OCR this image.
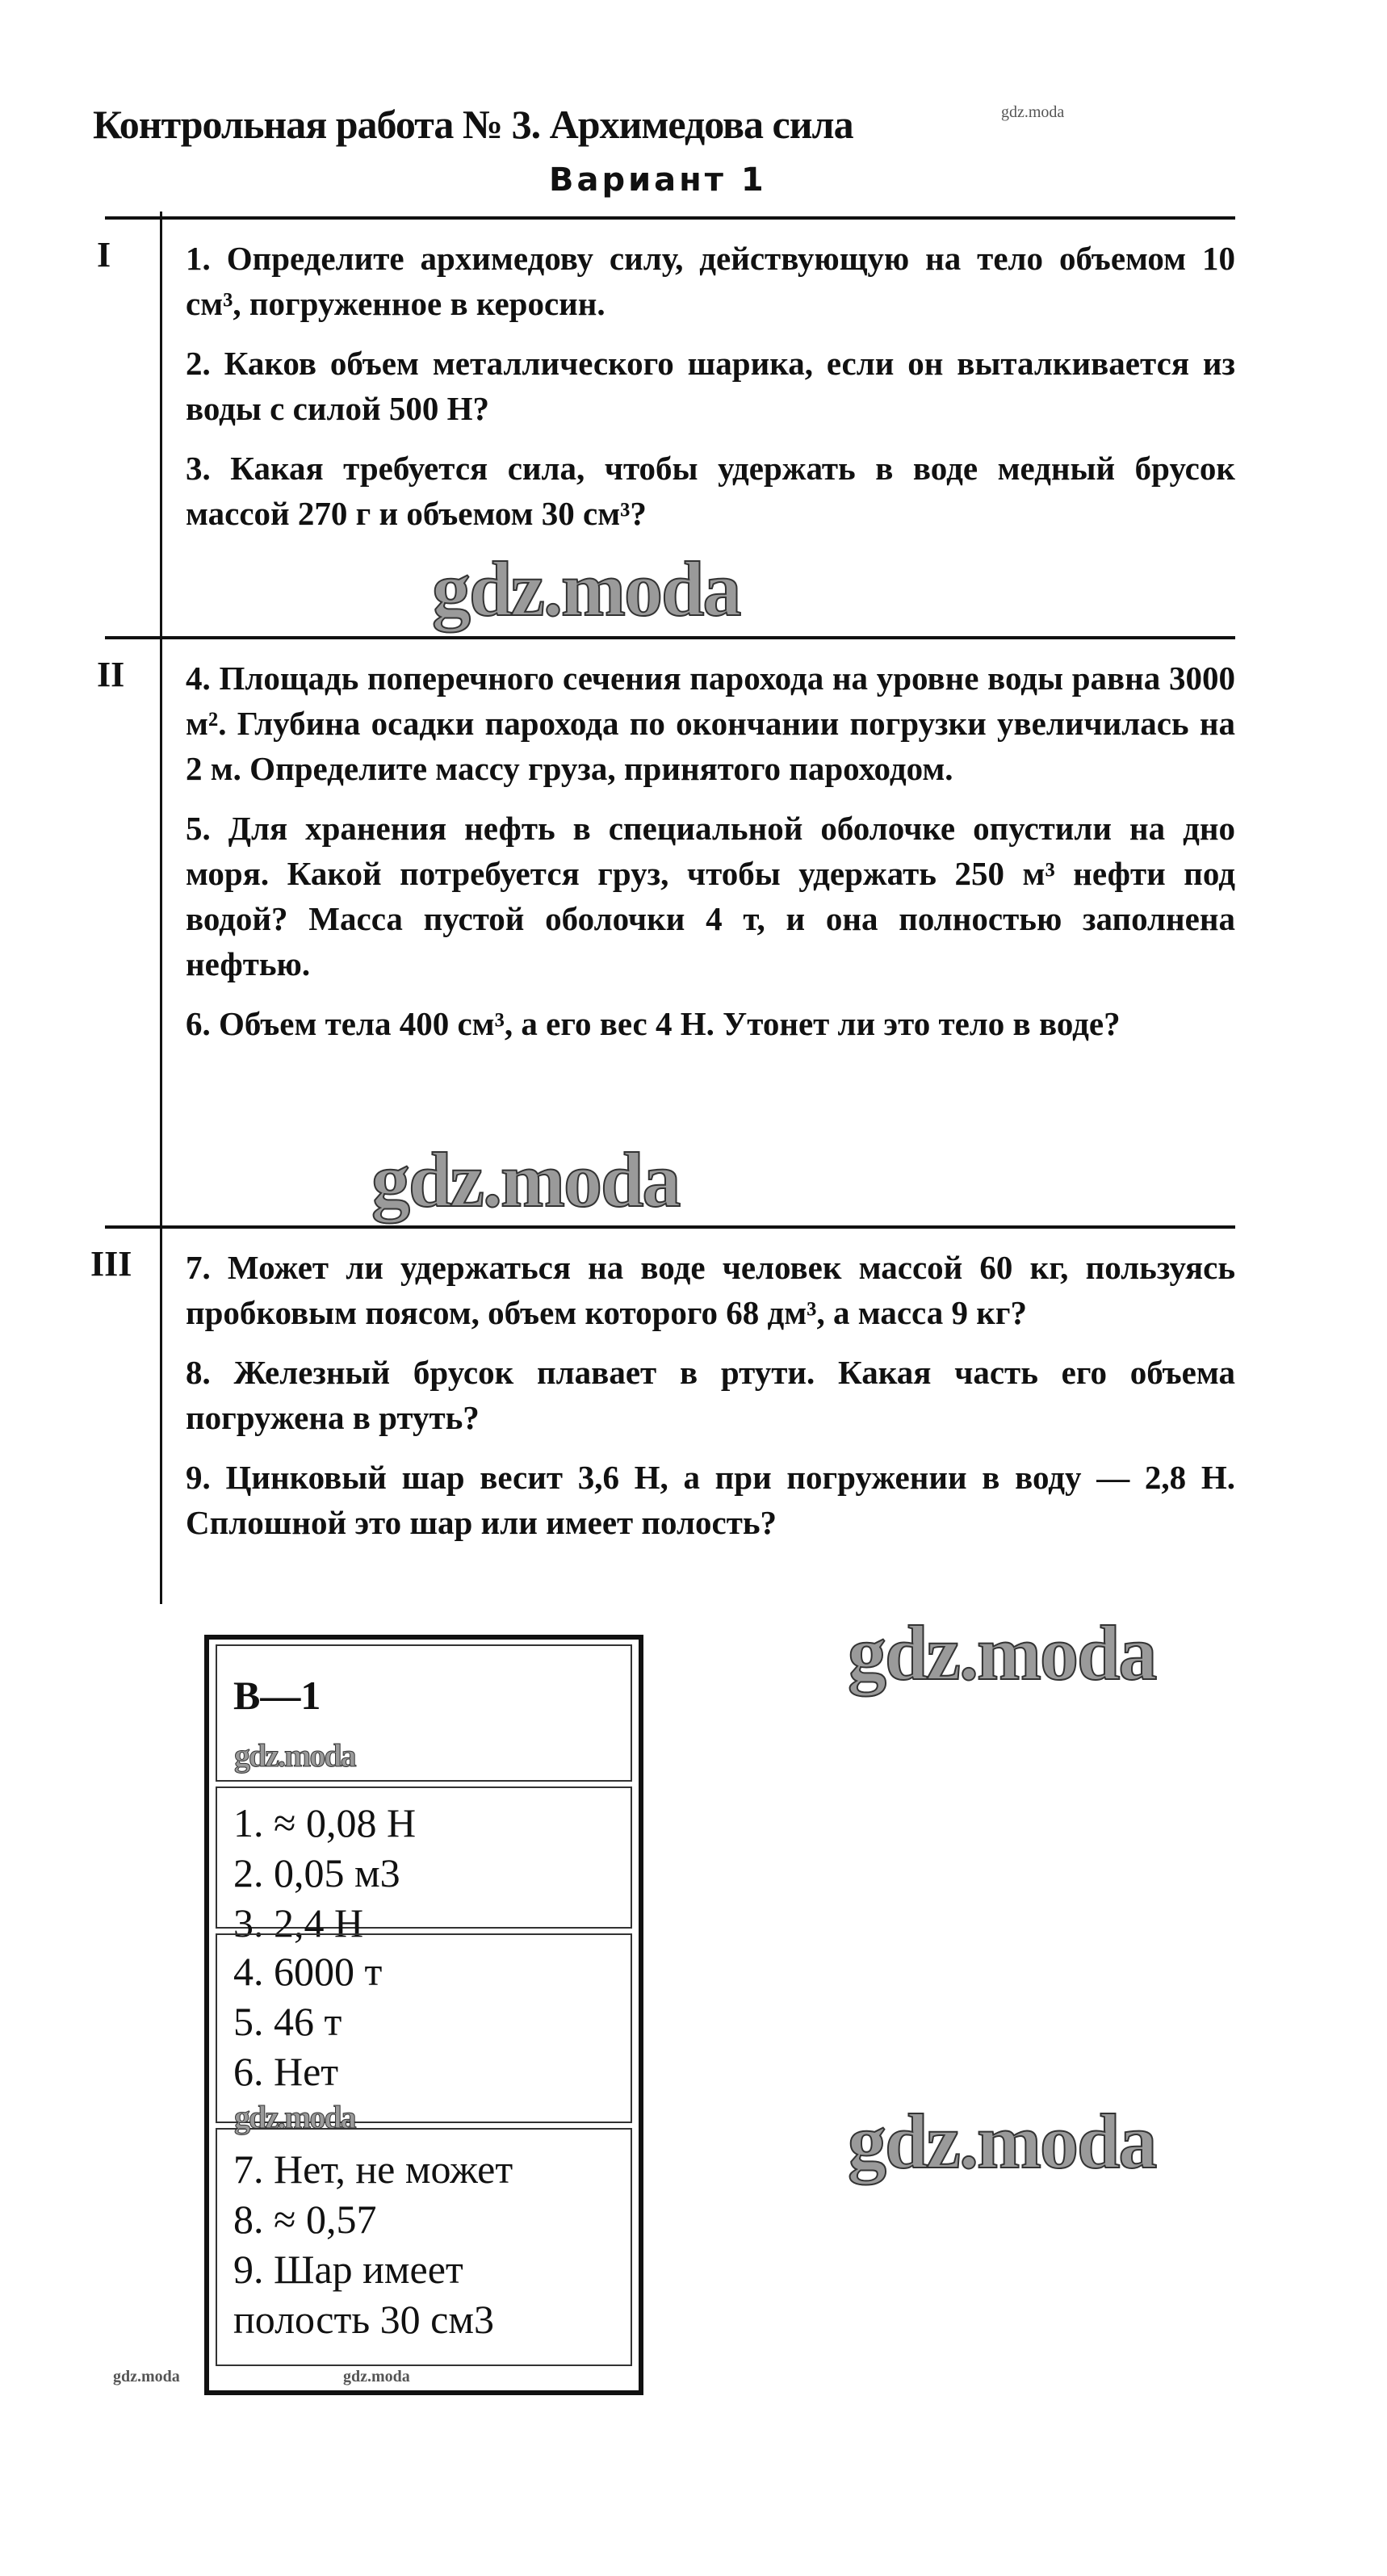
Контрольная работа № 3. Архимедова сила	gdz.moda
Вариант 1
I 1. Определите архимедову силу, действующую на тело объемом 10 см³, погруженное в керосин.

2. Каков объем металлического шарика, если он выталкивается из воды с силой 500 Н?

3. Какая требуется сила, чтобы удержать в воде медный брусок массой 270 г и объемом 30 см³?

gdz.moda
II 4. Площадь поперечного сечения парохода на уровне воды равна 3000 м². Глубина осадки парохода по окончании погрузки увеличилась на 2 м. Определите массу груза, принятого пароходом.

5. Для хранения нефть в специальной оболочке опустили на дно моря. Какой потребуется груз, чтобы удержать 250 м³ нефти под водой? Масса пустой оболочки 4 т, и она полностью заполнена нефтью.

6. Объем тела 400 см³, а его вес 4 Н. Утонет ли это тело в воде?

gdz.moda
III 7. Может ли удержаться на воде человек массой 60 кг, пользуясь пробковым поясом, объем которого 68 дм³, а масса 9 кг?

8. Железный брусок плавает в ртути. Какая часть его объема погружена в ртуть?

9. Цинковый шар весит 3,6 Н, а при погружении в воду — 2,8 Н. Сплошной это шар или имеет полость?

В—1
1. ≈ 0,08 Н
2. 0,05 м3
3. 2,4 Н
4. 6000 т
5. 46 т
6. Нет
7. Нет, не может
8. ≈ 0,57
9. Шар имеет
полость 30 см3
gdz.moda
gdz.moda
gdz.moda	gdz.moda
gdz.moda
gdz.moda
